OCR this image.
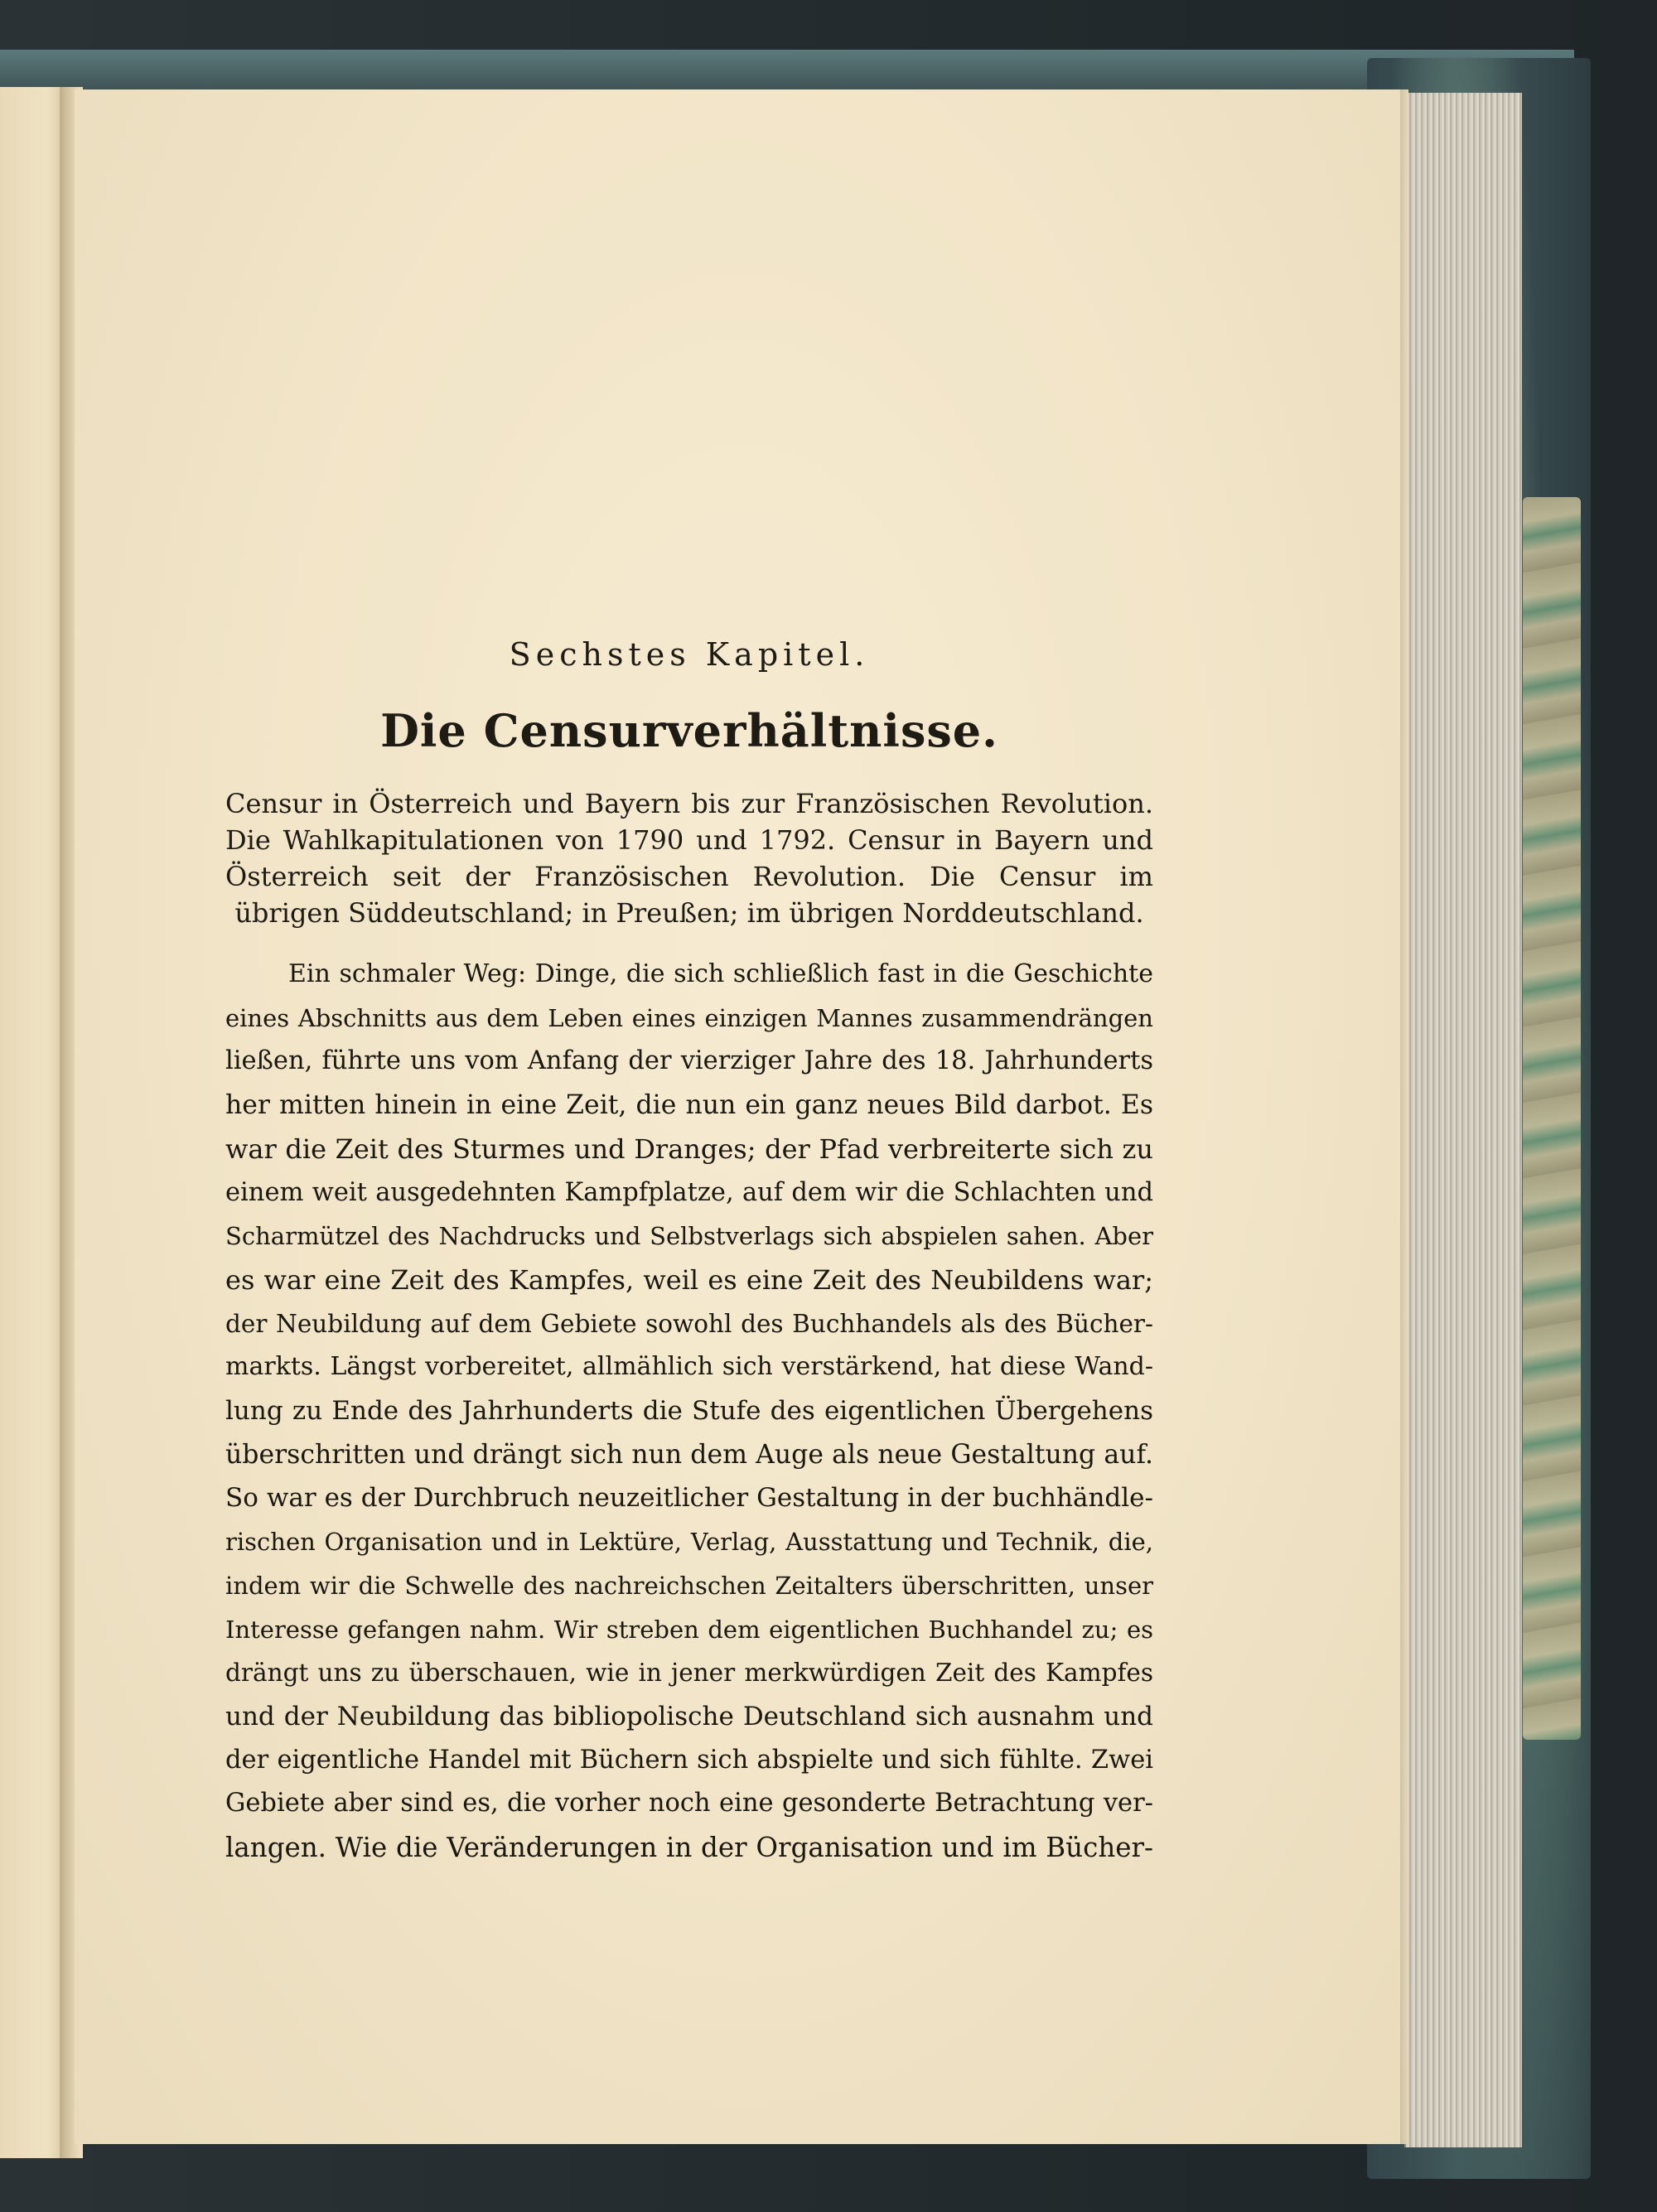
Sechstes Kapitel.
Die Censurverhältnisse.
Censur in Österreich und Bayern bis zur Französischen Revolution. Die Wahlkapitulationen von 1790 und 1792. Censur in Bayern und Österreich seit der Französischen Revolution. Die Censur im übrigen Süddeutschland; in Preußen; im übrigen Norddeutschland.
Ein schmaler Weg: Dinge, die sich schließlich fast in die Geschichte
eines Abschnitts aus dem Leben eines einzigen Mannes zusammendrängen
ließen, führte uns vom Anfang der vierziger Jahre des 18. Jahrhunderts
her mitten hinein in eine Zeit, die nun ein ganz neues Bild darbot. Es
war die Zeit des Sturmes und Dranges; der Pfad verbreiterte sich zu
einem weit ausgedehnten Kampfplatze, auf dem wir die Schlachten und
Scharmützel des Nachdrucks und Selbstverlags sich abspielen sahen. Aber
es war eine Zeit des Kampfes, weil es eine Zeit des Neubildens war;
der Neubildung auf dem Gebiete sowohl des Buchhandels als des Bücher-
markts. Längst vorbereitet, allmählich sich verstärkend, hat diese Wand-
lung zu Ende des Jahrhunderts die Stufe des eigentlichen Übergehens
überschritten und drängt sich nun dem Auge als neue Gestaltung auf.
So war es der Durchbruch neuzeitlicher Gestaltung in der buchhändle-
rischen Organisation und in Lektüre, Verlag, Ausstattung und Technik, die,
indem wir die Schwelle des nachreichschen Zeitalters überschritten, unser
Interesse gefangen nahm. Wir streben dem eigentlichen Buchhandel zu; es
drängt uns zu überschauen, wie in jener merkwürdigen Zeit des Kampfes
und der Neubildung das bibliopolische Deutschland sich ausnahm und
der eigentliche Handel mit Büchern sich abspielte und sich fühlte. Zwei
Gebiete aber sind es, die vorher noch eine gesonderte Betrachtung ver-
langen. Wie die Veränderungen in der Organisation und im Bücher-
